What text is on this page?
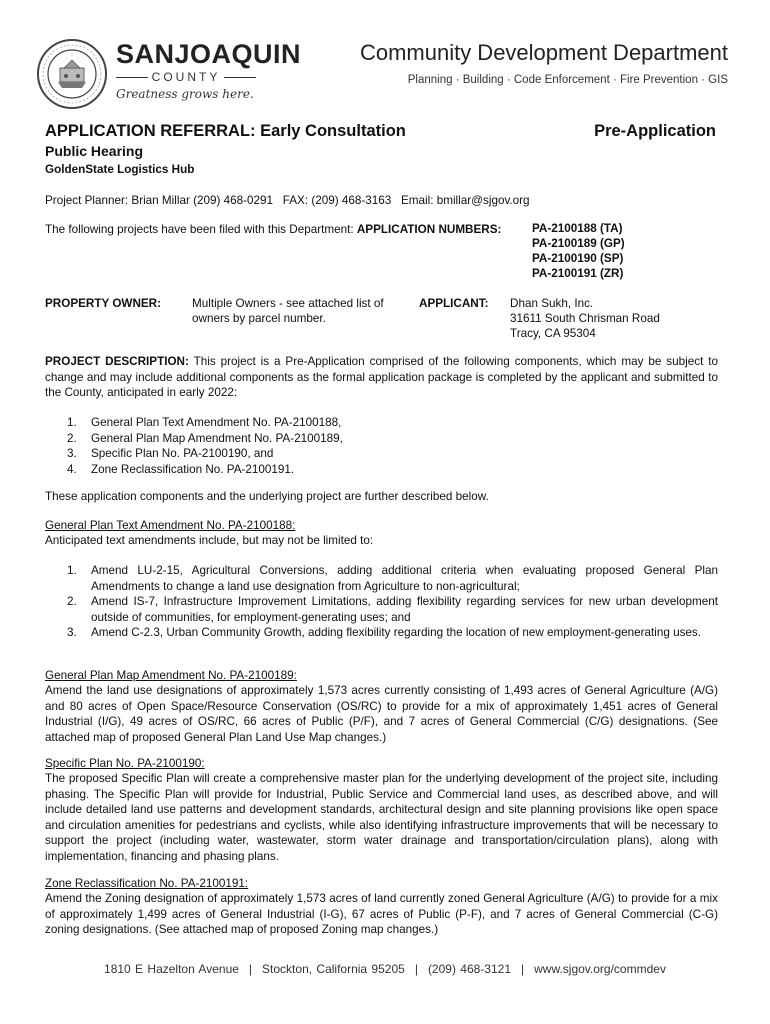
SANJOAQUIN
COUNTY
Greatness grows here.
Community Development Department
Planning · Building · Code Enforcement · Fire Prevention · GIS
APPLICATION REFERRAL: Early Consultation	Pre-Application
Public Hearing
GoldenState Logistics Hub
Project Planner: Brian Millar (209) 468-0291   FAX: (209) 468-3163   Email: bmillar@sjgov.org
The following projects have been filed with this Department: APPLICATION NUMBERS:	PA-2100188 (TA)
PA-2100189 (GP)
PA-2100190 (SP)
PA-2100191 (ZR)
PROPERTY OWNER:	Multiple Owners - see attached list of
owners by parcel number.
APPLICANT: Dhan Sukh, Inc.
31611 South Chrisman Road
Tracy, CA 95304
PROJECT DESCRIPTION: This project is a Pre-Application comprised of the following components, which may be subject to change and may include additional components as the formal application package is completed by the applicant and submitted to the County, anticipated in early 2022:
1. General Plan Text Amendment No. PA-2100188,
2. General Plan Map Amendment No. PA-2100189,
3. Specific Plan No. PA-2100190, and
4. Zone Reclassification No. PA-2100191.
These application components and the underlying project are further described below.
General Plan Text Amendment No. PA-2100188:
Anticipated text amendments include, but may not be limited to:
1. Amend LU-2-15, Agricultural Conversions, adding additional criteria when evaluating proposed General Plan Amendments to change a land use designation from Agriculture to non-agricultural;
2. Amend IS-7, Infrastructure Improvement Limitations, adding flexibility regarding services for new urban development outside of communities, for employment-generating uses; and
3. Amend C-2.3, Urban Community Growth, adding flexibility regarding the location of new employment-generating uses.
General Plan Map Amendment No. PA-2100189:
Amend the land use designations of approximately 1,573 acres currently consisting of 1,493 acres of General Agriculture (A/G) and 80 acres of Open Space/Resource Conservation (OS/RC) to provide for a mix of approximately 1,451 acres of General Industrial (I/G), 49 acres of OS/RC, 66 acres of Public (P/F), and 7 acres of General Commercial (C/G) designations. (See attached map of proposed General Plan Land Use Map changes.)
Specific Plan No. PA-2100190:
The proposed Specific Plan will create a comprehensive master plan for the underlying development of the project site, including phasing. The Specific Plan will provide for Industrial, Public Service and Commercial land uses, as described above, and will include detailed land use patterns and development standards, architectural design and site planning provisions like open space and circulation amenities for pedestrians and cyclists, while also identifying infrastructure improvements that will be necessary to support the project (including water, wastewater, storm water drainage and transportation/circulation plans), along with implementation, financing and phasing plans.
Zone Reclassification No. PA-2100191:
Amend the Zoning designation of approximately 1,573 acres of land currently zoned General Agriculture (A/G) to provide for a mix of approximately 1,499 acres of General Industrial (I-G), 67 acres of Public (P-F), and 7 acres of General Commercial (C-G) zoning designations. (See attached map of proposed Zoning map changes.)
1810 E Hazelton Avenue | Stockton, California 95205 | (209) 468-3121 | www.sjgov.org/commdev
